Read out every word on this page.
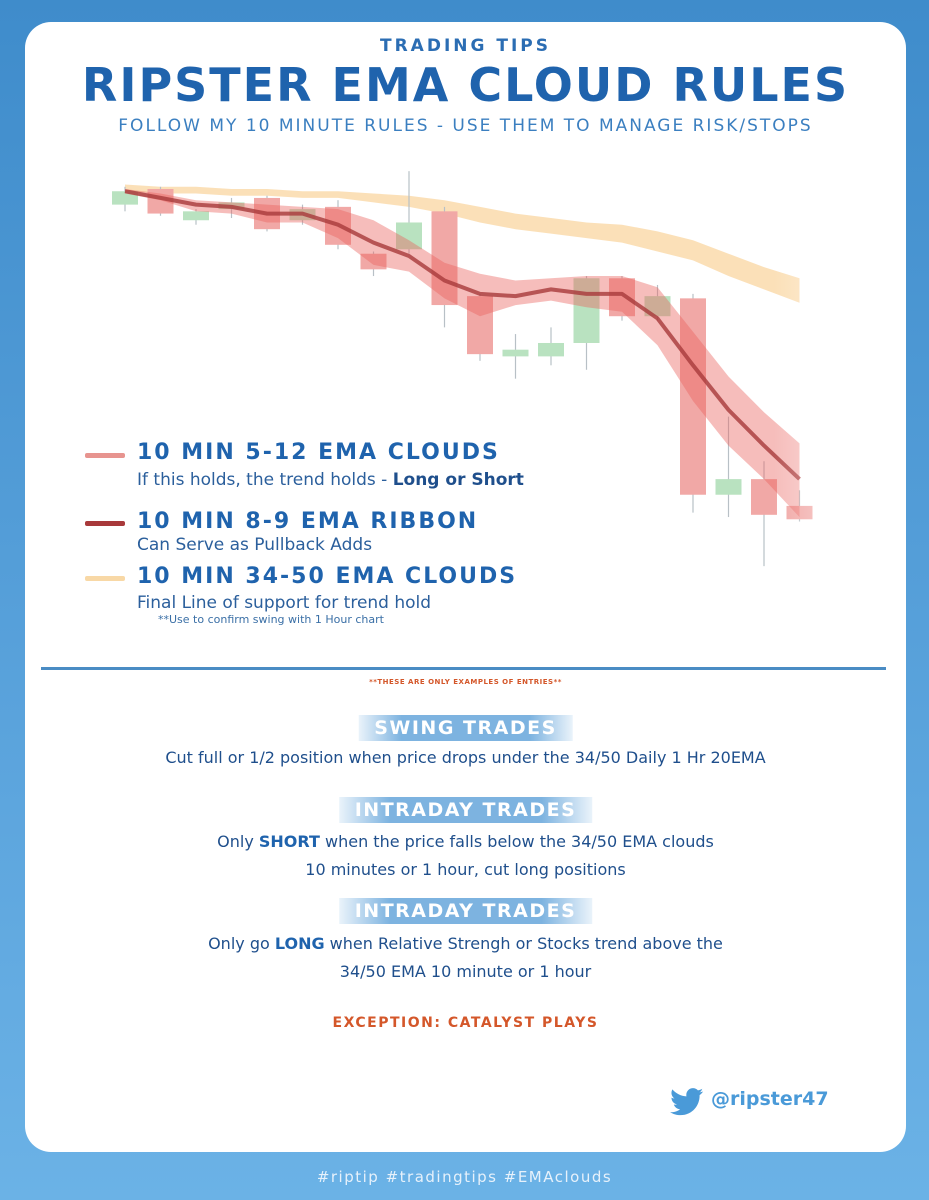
TRADING TIPS
RIPSTER EMA CLOUD RULES
FOLLOW MY 10 MINUTE RULES - USE THEM TO MANAGE RISK/STOPS
10 MIN 5-12 EMA CLOUDS
If this holds, the trend holds - Long or Short
10 MIN 8-9 EMA RIBBON
Can Serve as Pullback Adds
10 MIN 34-50 EMA CLOUDS
Final Line of support for trend hold
**Use to confirm swing with 1 Hour chart
**THESE ARE ONLY EXAMPLES OF ENTRIES**
SWING TRADES
Cut full or 1/2 position when price drops under the 34/50 Daily 1 Hr 20EMA
INTRADAY TRADES
Only SHORT when the price falls below the 34/50 EMA clouds
10 minutes or 1 hour, cut long positions
INTRADAY TRADES
Only go LONG when Relative Strengh or Stocks trend above the
34/50 EMA 10 minute or 1 hour
EXCEPTION: CATALYST PLAYS
@ripster47
#riptip #tradingtips #EMAclouds
